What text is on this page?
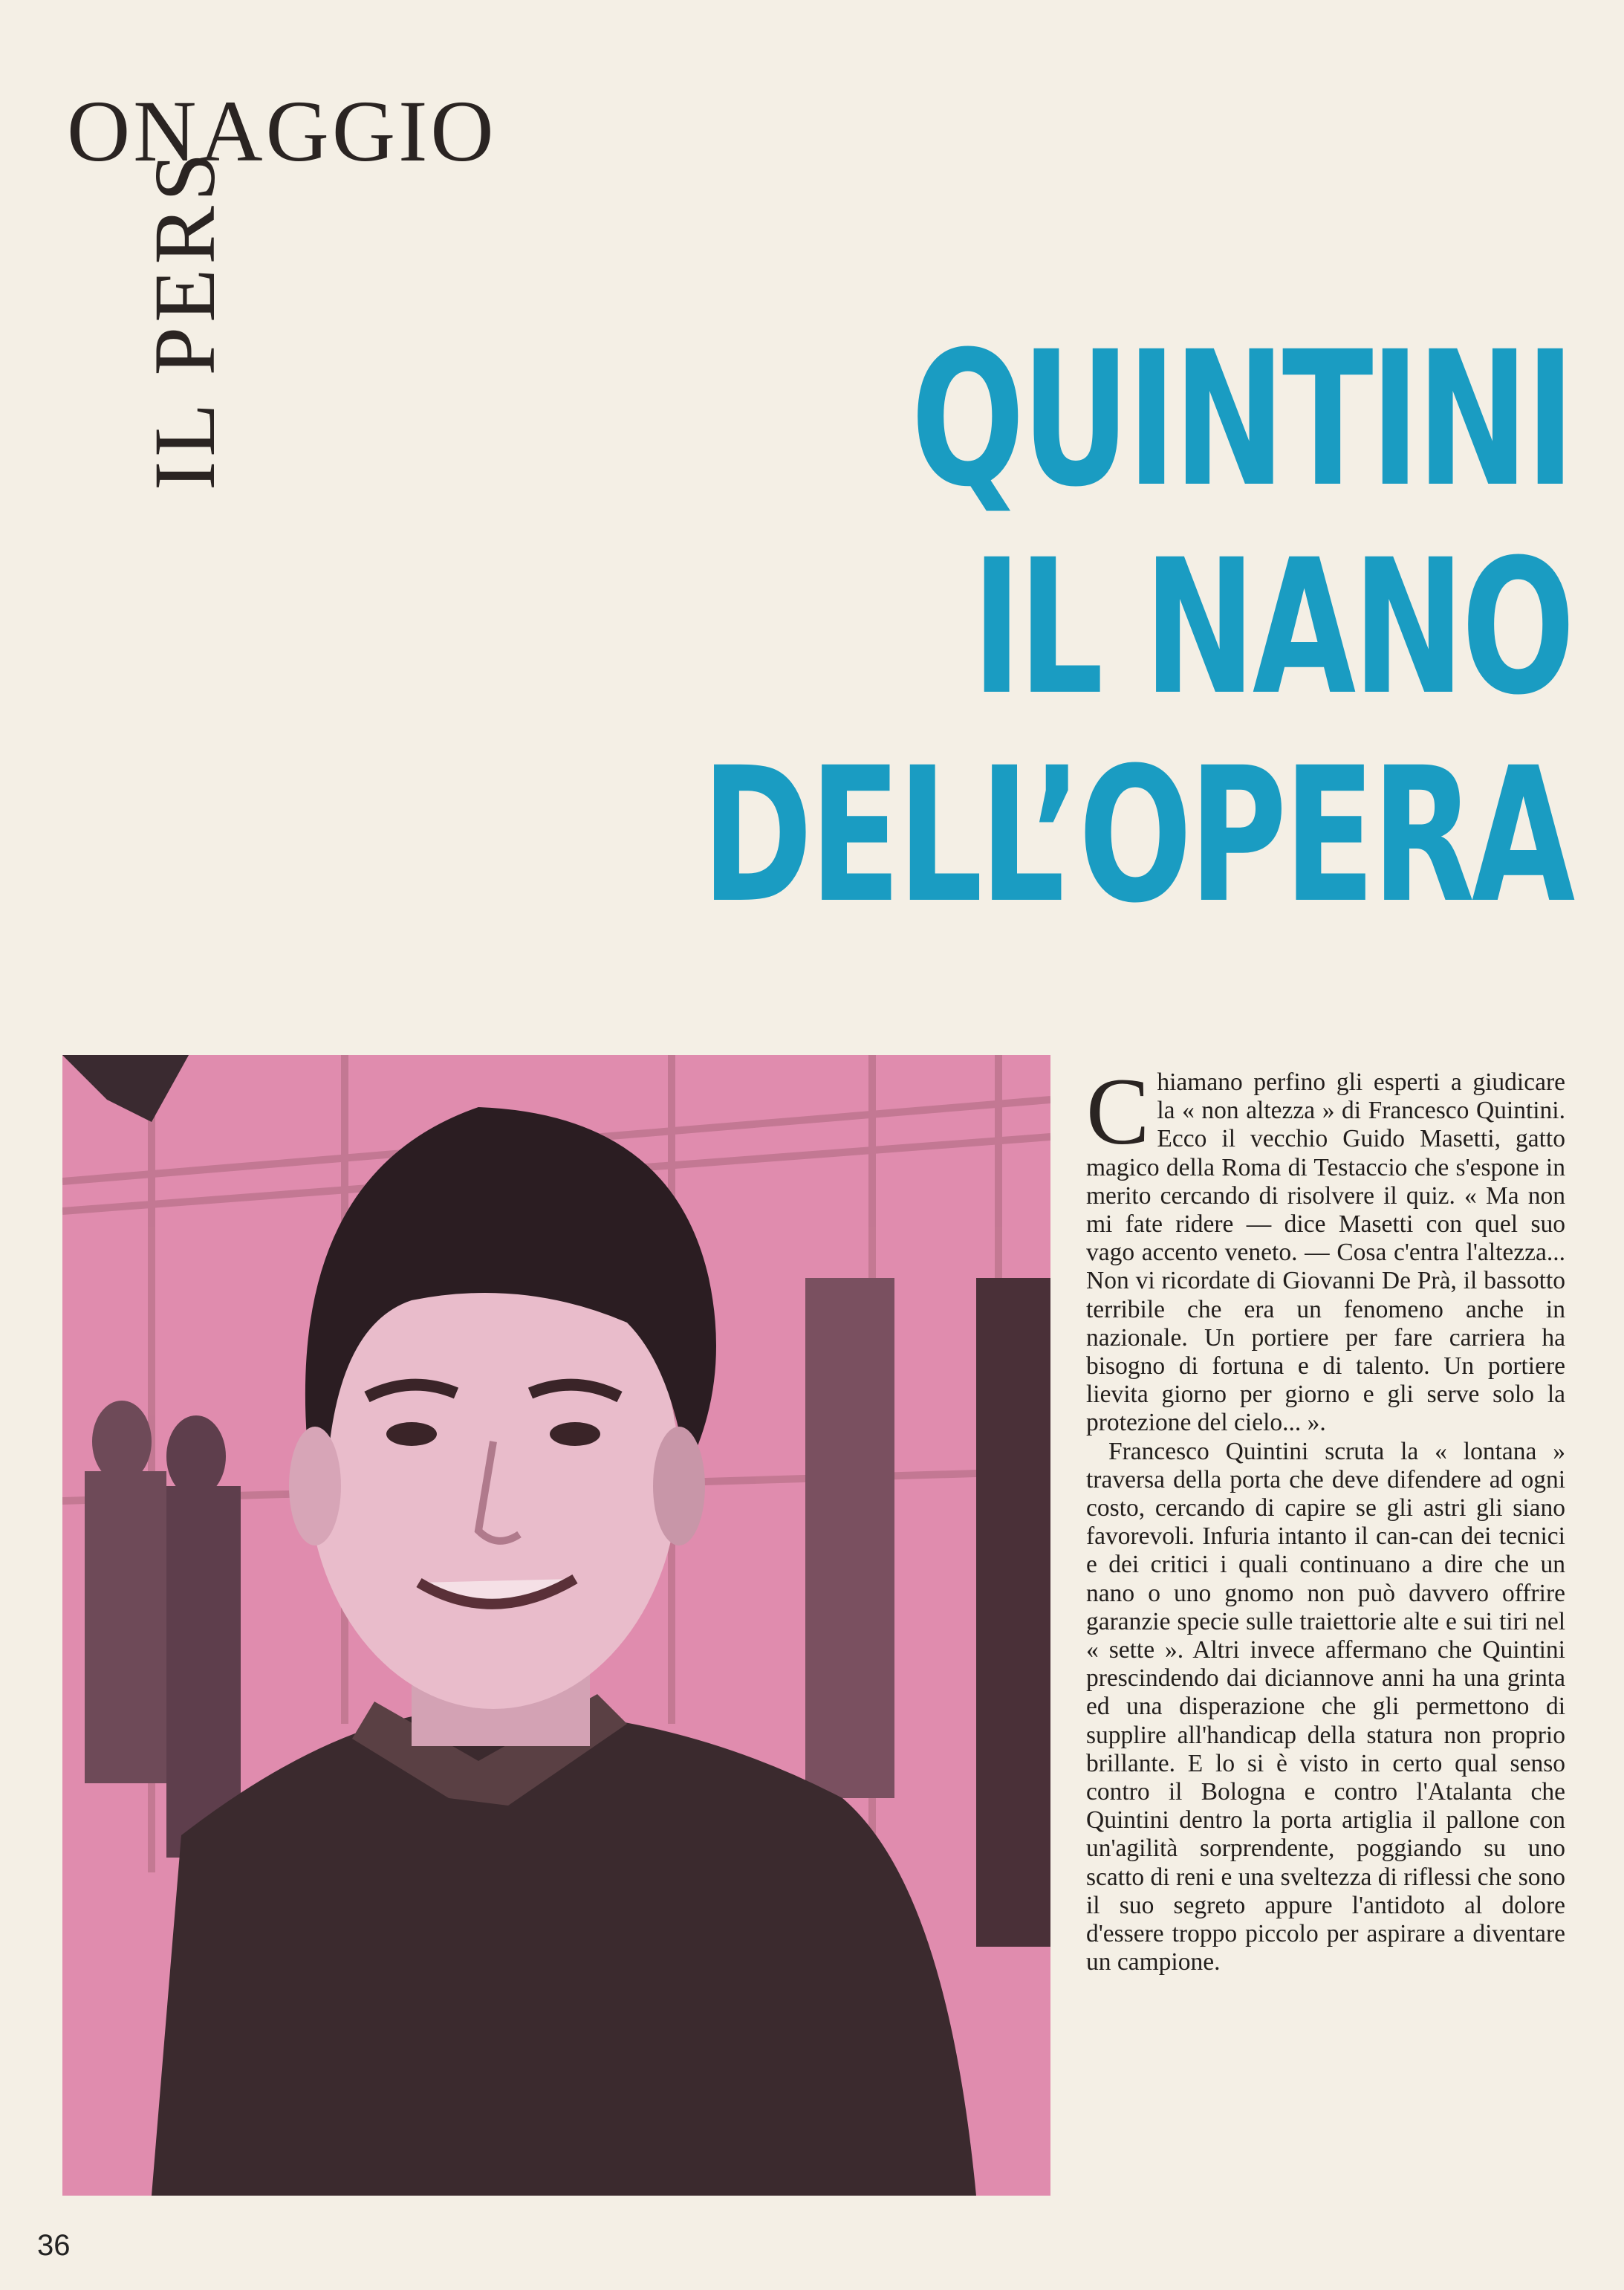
IL PERS
ONAGGIO
QUINTINI
IL NANO
DELL’OPERA

Chiamano perfino gli esperti a giudicare la « non altezza » di Francesco Quintini. Ecco il vecchio Guido Masetti, gatto magico della Roma di Testaccio che s'espone in merito cercando di risolvere il quiz. « Ma non mi fate ridere — dice Masetti con quel suo vago accento veneto. — Cosa c'entra l'altezza... Non vi ricordate di Giovanni De Prà, il bassotto terribile che era un fenomeno anche in nazionale. Un portiere per fare carriera ha bisogno di fortuna e di talento. Un portiere lievita giorno per giorno e gli serve solo la protezione del cielo... ».

Francesco Quintini scruta la « lontana » traversa della porta che deve difendere ad ogni costo, cercando di capire se gli astri gli siano favorevoli. Infuria intanto il can-can dei tecnici e dei critici i quali continuano a dire che un nano o uno gnomo non può davvero offrire garanzie specie sulle traiettorie alte e sui tiri nel « sette ». Altri invece affermano che Quintini prescindendo dai diciannove anni ha una grinta ed una disperazione che gli permettono di supplire all'handicap della statura non proprio brillante. E lo si è visto in certo qual senso contro il Bologna e contro l'Atalanta che Quintini dentro la porta artiglia il pallone con un'agilità sorprendente, poggiando su uno scatto di reni e una sveltezza di riflessi che sono il suo segreto appure l'antidoto al dolore d'essere troppo piccolo per aspirare a diventare un campione.

36
